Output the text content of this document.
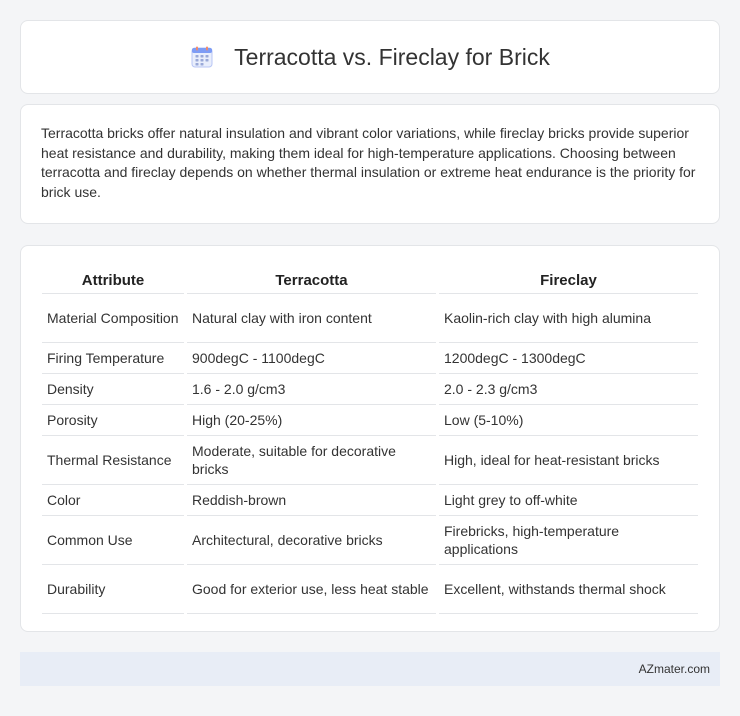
Terracotta vs. Fireclay for Brick

Terracotta bricks offer natural insulation and vibrant color variations, while fireclay bricks provide superior heat resistance and durability, making them ideal for high-temperature applications. Choosing between terracotta and fireclay depends on whether thermal insulation or extreme heat endurance is the priority for brick use.

Attribute	Terracotta	Fireclay
Material Composition	Natural clay with iron content	Kaolin-rich clay with high alumina
Firing Temperature	900degC - 1100degC	1200degC - 1300degC
Density	1.6 - 2.0 g/cm3	2.0 - 2.3 g/cm3
Porosity	High (20-25%)	Low (5-10%)
Thermal Resistance	Moderate, suitable for decorative bricks	High, ideal for heat-resistant bricks
Color	Reddish-brown	Light grey to off-white
Common Use	Architectural, decorative bricks	Firebricks, high-temperature applications
Durability	Good for exterior use, less heat stable	Excellent, withstands thermal shock
AZmater.com
